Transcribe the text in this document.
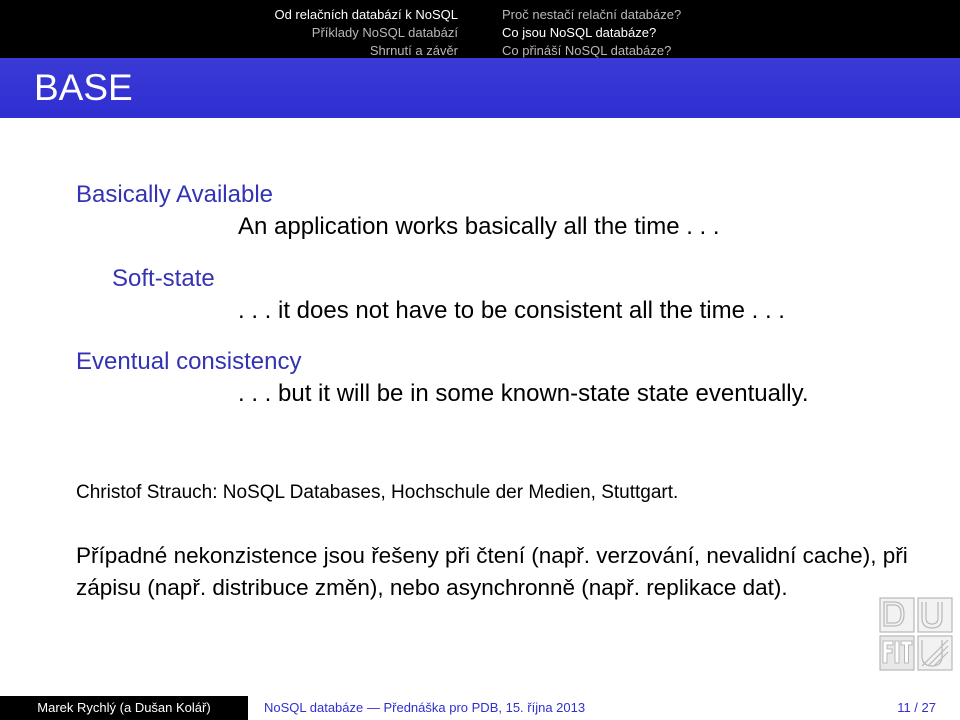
Od relačních databází k NoSQL
Příklady NoSQL databází
Shrnutí a závěr
Proč nestačí relační databáze?
Co jsou NoSQL databáze?
Co přináší NoSQL databáze?
BASE
Basically Available
An application works basically all the time . . .
Soft-state
. . . it does not have to be consistent all the time . . .
Eventual consistency
. . . but it will be in some known-state state eventually.
Christof Strauch: NoSQL Databases, Hochschule der Medien, Stuttgart.
Případné nekonzistence jsou řešeny při čtení (např. verzování, nevalidní cache), při zápisu (např. distribuce změn), nebo asynchronně (např. replikace dat).
Marek Rychlý (a Dušan Kolář)	NoSQL databáze — Přednáška pro PDB, 15. října 2013	11 / 27
